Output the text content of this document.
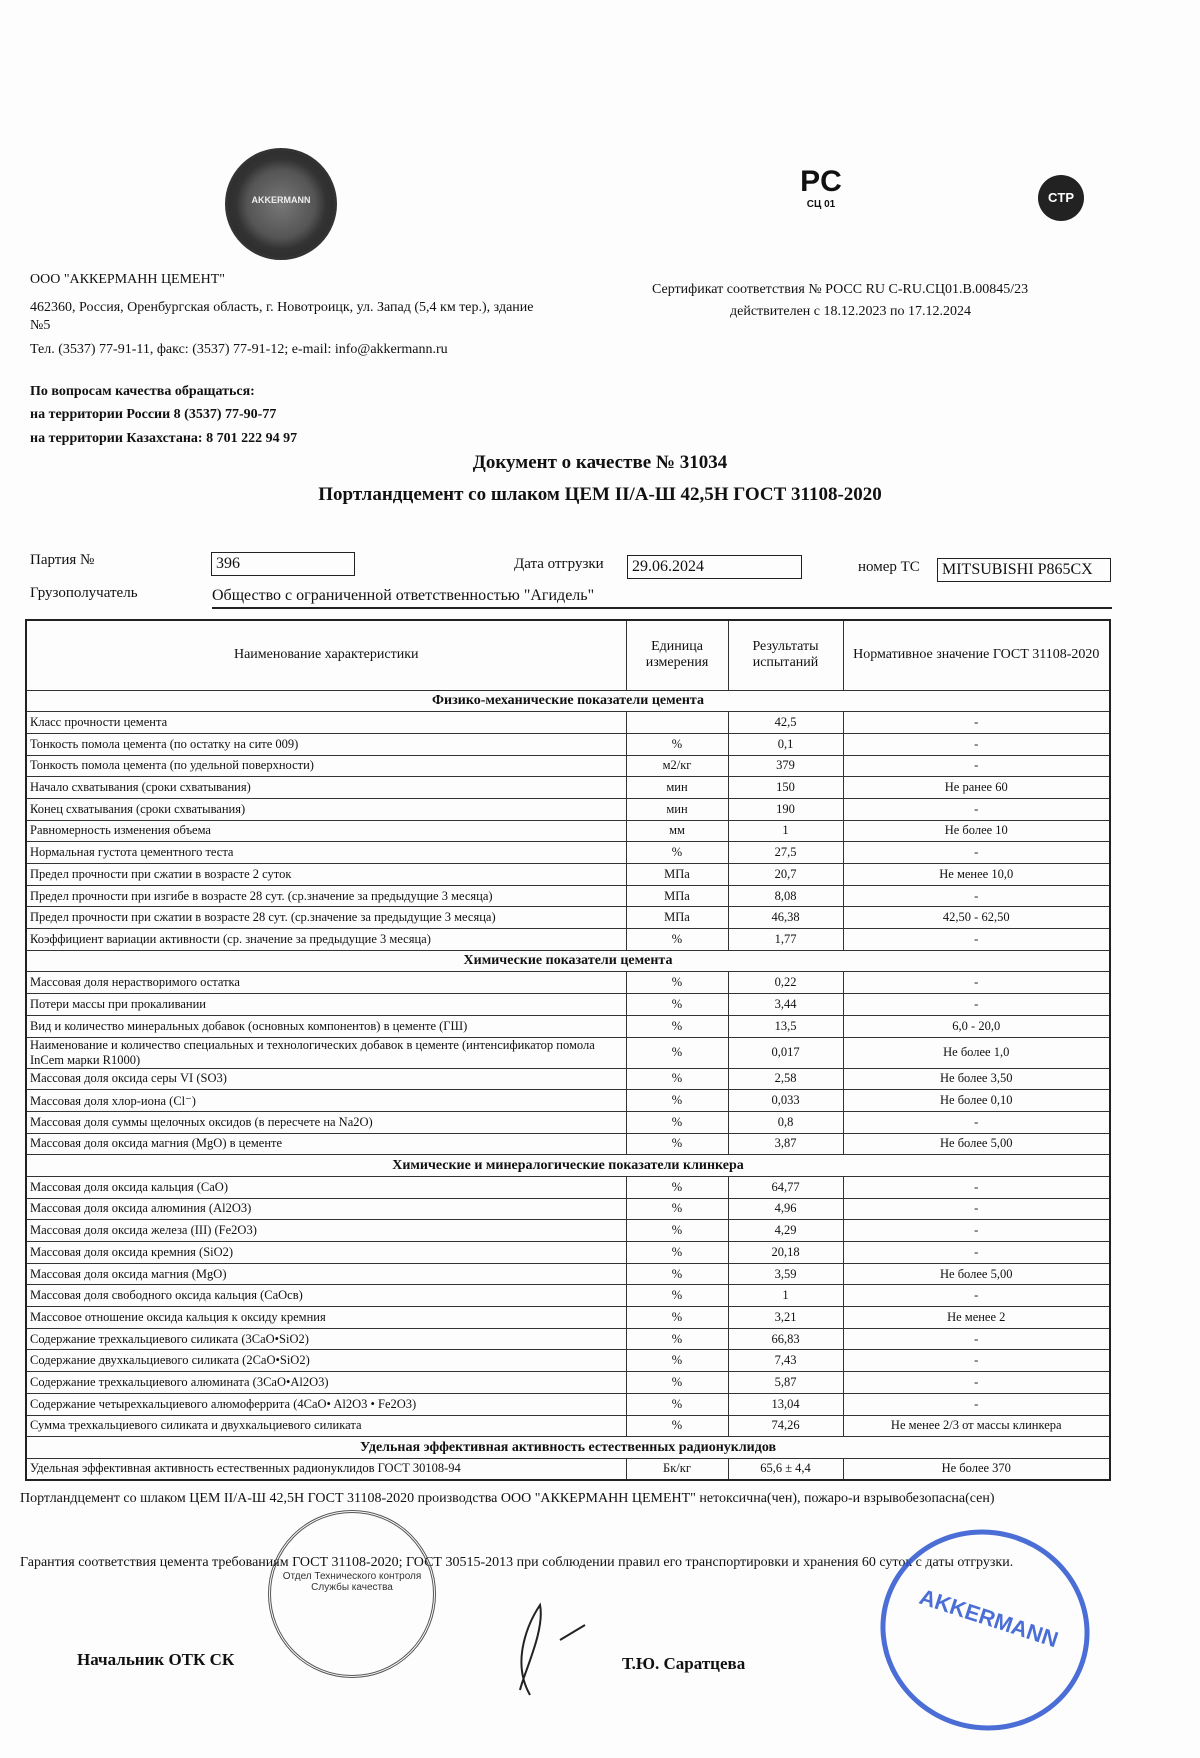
AKKERMANN
PC
СЦ 01	CTP
ООО "АККЕРМАНН ЦЕМЕНТ"
462360, Россия, Оренбургская область, г. Новотроицк, ул. Запад (5,4 км тер.), здание
№5
Тел. (3537) 77-91-11, факс: (3537) 77-91-12; e-mail: info@akkermann.ru
Сертификат соответствия № РОСС RU C-RU.СЦ01.В.00845/23
действителен с 18.12.2023 по 17.12.2024
По вопросам качества обращаться:
на территории России 8 (3537) 77-90-77
на территории Казахстана: 8 701 222 94 97
Документ о качестве № 31034
Портландцемент со шлаком ЦЕМ II/А-Ш 42,5Н ГОСТ 31108-2020
Партия №	396	Дата отгрузки	29.06.2024	номер ТС	MITSUBISHI P865CX
Грузополучатель	Общество с ограниченной ответственностью "Агидель"
Наименование характеристики	Единица измерения	Результаты испытаний	Нормативное значение ГОСТ 31108-2020
Физико-механические показатели цемента			
Класс прочности цемента		42,5	-
Тонкость помола цемента (по остатку на сите 009)	%	0,1	-
Тонкость помола цемента (по удельной поверхности)	м2/кг	379	-
Начало схватывания (сроки схватывания)	мин	150	Не ранее 60
Конец схватывания (сроки схватывания)	мин	190	-
Равномерность изменения объема	мм	1	Не более 10
Нормальная густота цементного теста	%	27,5	-
Предел прочности при сжатии в возрасте 2 суток	МПа	20,7	Не менее 10,0
Предел прочности при изгибе в возрасте 28 сут. (ср.значение за предыдущие 3 месяца)	МПа	8,08	-
Предел прочности при сжатии в возрасте 28 сут. (ср.значение за предыдущие 3 месяца)	МПа	46,38	42,50 - 62,50
Коэффициент вариации активности (ср. значение за предыдущие 3 месяца)	%	1,77	-
Химические показатели цемента			
Массовая доля нерастворимого остатка	%	0,22	-
Потери массы при прокаливании	%	3,44	-
Вид и количество минеральных добавок (основных компонентов) в цементе (ГШ)	%	13,5	6,0 - 20,0
Наименование и количество специальных и технологических добавок в цементе (интенсификатор помола InCem марки R1000)	%	0,017	Не более 1,0
Массовая доля оксида серы VI (SO3)	%	2,58	Не более 3,50
Массовая доля хлор-иона (Cl⁻)	%	0,033	Не более 0,10
Массовая доля суммы щелочных оксидов (в пересчете на Na2O)	%	0,8	-
Массовая доля оксида магния (MgO) в цементе	%	3,87	Не более 5,00
Химические и минералогические показатели клинкера			
Массовая доля оксида кальция (CaO)	%	64,77	-
Массовая доля оксида алюминия (Al2O3)	%	4,96	-
Массовая доля оксида железа (III) (Fe2O3)	%	4,29	-
Массовая доля оксида кремния (SiO2)	%	20,18	-
Массовая доля оксида магния (MgO)	%	3,59	Не более 5,00
Массовая доля свободного оксида кальция (CaOсв)	%	1	-
Массовое отношение оксида кальция к оксиду кремния	%	3,21	Не менее 2
Содержание трехкальциевого силиката (3CaO•SiO2)	%	66,83	-
Содержание двухкальциевого силиката (2CaO•SiO2)	%	7,43	-
Содержание трехкальциевого алюмината (3CaO•Al2O3)	%	5,87	-
Содержание четырехкальциевого алюмоферрита (4CaO• Al2O3 • Fe2O3)	%	13,04	-
Сумма трехкальциевого силиката и двухкальциевого силиката	%	74,26	Не менее 2/3 от массы клинкера
Удельная эффективная активность естественных радионуклидов			
Удельная эффективная активность естественных радионуклидов ГОСТ 30108-94	Бк/кг	65,6 ± 4,4	Не более 370
Портландцемент со шлаком ЦЕМ II/А-Ш 42,5Н ГОСТ 31108-2020 производства ООО "АККЕРМАНН ЦЕМЕНТ" нетоксична(чен), пожаро-и взрывобезопасна(сен)
Гарантия соответствия цемента требованиям ГОСТ 31108-2020; ГОСТ 30515-2013 при соблюдении правил его транспортировки и хранения 60 суток с даты отгрузки.
Отдел Технического контроля Службы качества	AKKERMANN
Начальник ОТК СК	Т.Ю. Саратцева
